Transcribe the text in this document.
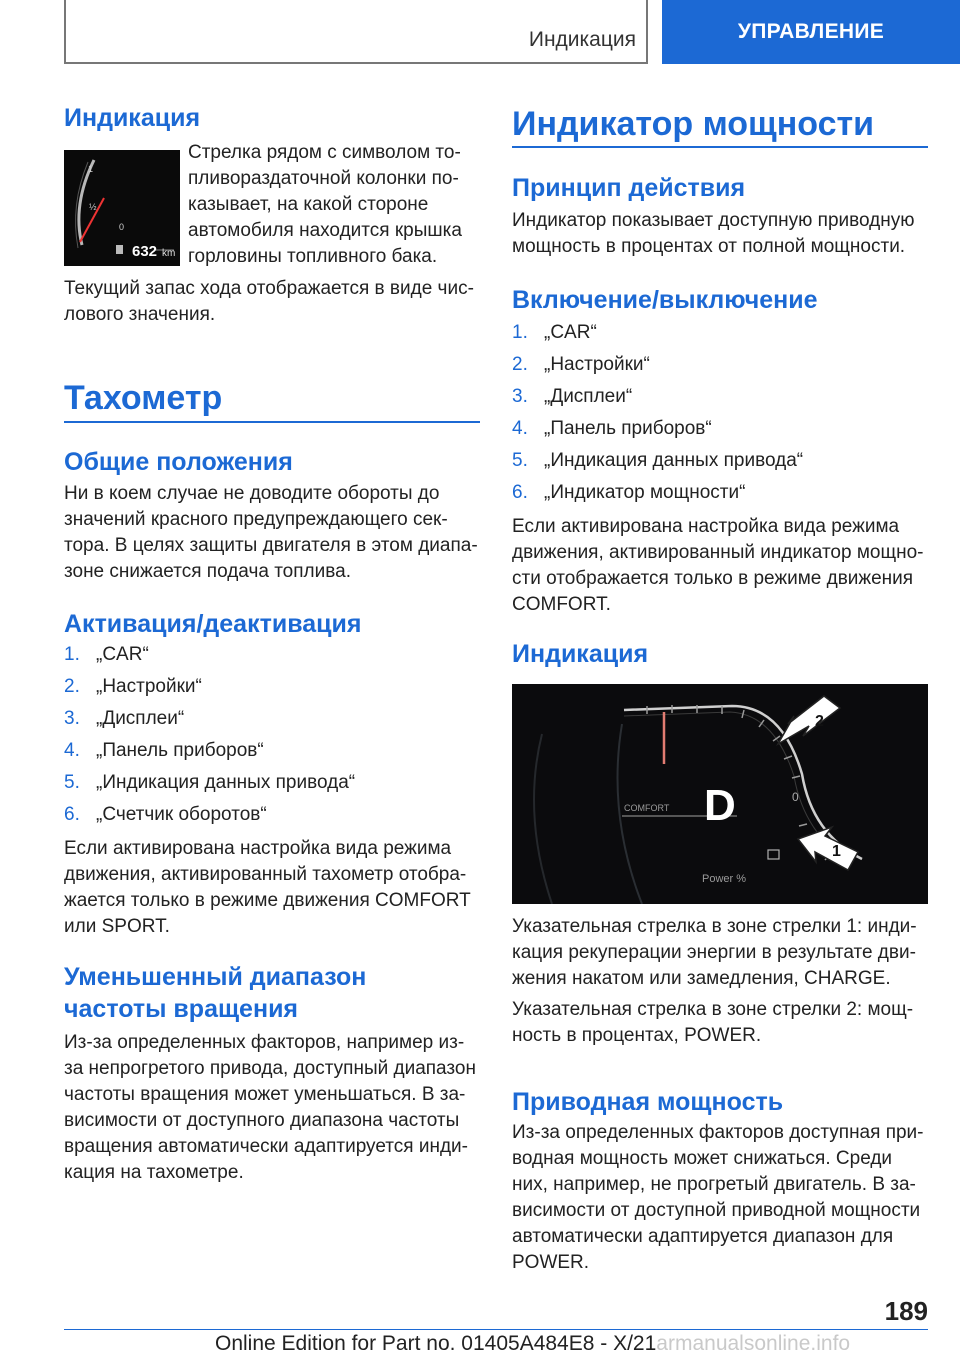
Индикация	УПРАВЛЕНИЕ
Индикация
1
½
0
632 km
Стрелка рядом с символом то-
пливораздаточной колонки по-
казывает, на какой стороне
автомобиля находится крышка
горловины топливного бака.
Текущий запас хода отображается в виде чис-
лового значения.
Тахометр
Общие положения
Ни в коем случае не доводите обороты до
значений красного предупреждающего сек-
тора. В целях защиты двигателя в этом диапа-
зоне снижается подача топлива.
Активация/деактивация
1. „CAR“
2. „Настройки“
3. „Дисплеи“
4. „Панель приборов“
5. „Индикация данных привода“
6. „Счетчик оборотов“
Если активирована настройка вида режима
движения, активированный тахометр отобра-
жается только в режиме движения COMFORT
или SPORT.
Уменьшенный диапазон
частоты вращения
Из-за определенных факторов, например из-
за непрогретого привода, доступный диапазон
частоты вращения может уменьшаться. В за-
висимости от доступного диапазона частоты
вращения автоматически адаптируется инди-
кация на тахометре.
Индикатор мощности
Принцип действия
Индикатор показывает доступную приводную
мощность в процентах от полной мощности.
Включение/выключение
1. „CAR“
2. „Настройки“
3. „Дисплеи“
4. „Панель приборов“
5. „Индикация данных привода“
6. „Индикатор мощности“
Если активирована настройка вида режима
движения, активированный индикатор мощно-
сти отображается только в режиме движения
COMFORT.
Индикация
COMFORT D	0
Power %
2
1
Указательная стрелка в зоне стрелки 1: инди-
кация рекуперации энергии в результате дви-
жения накатом или замедления, CHARGE.
Указательная стрелка в зоне стрелки 2: мощ-
ность в процентах, POWER.
Приводная мощность
Из-за определенных факторов доступная при-
водная мощность может снижаться. Среди
них, например, не прогретый двигатель. В за-
висимости от доступной приводной мощности
автоматически адаптируется диапазон для
POWER.
189
Online Edition for Part no. 01405A484E8 - X/21armanualsonline.info
